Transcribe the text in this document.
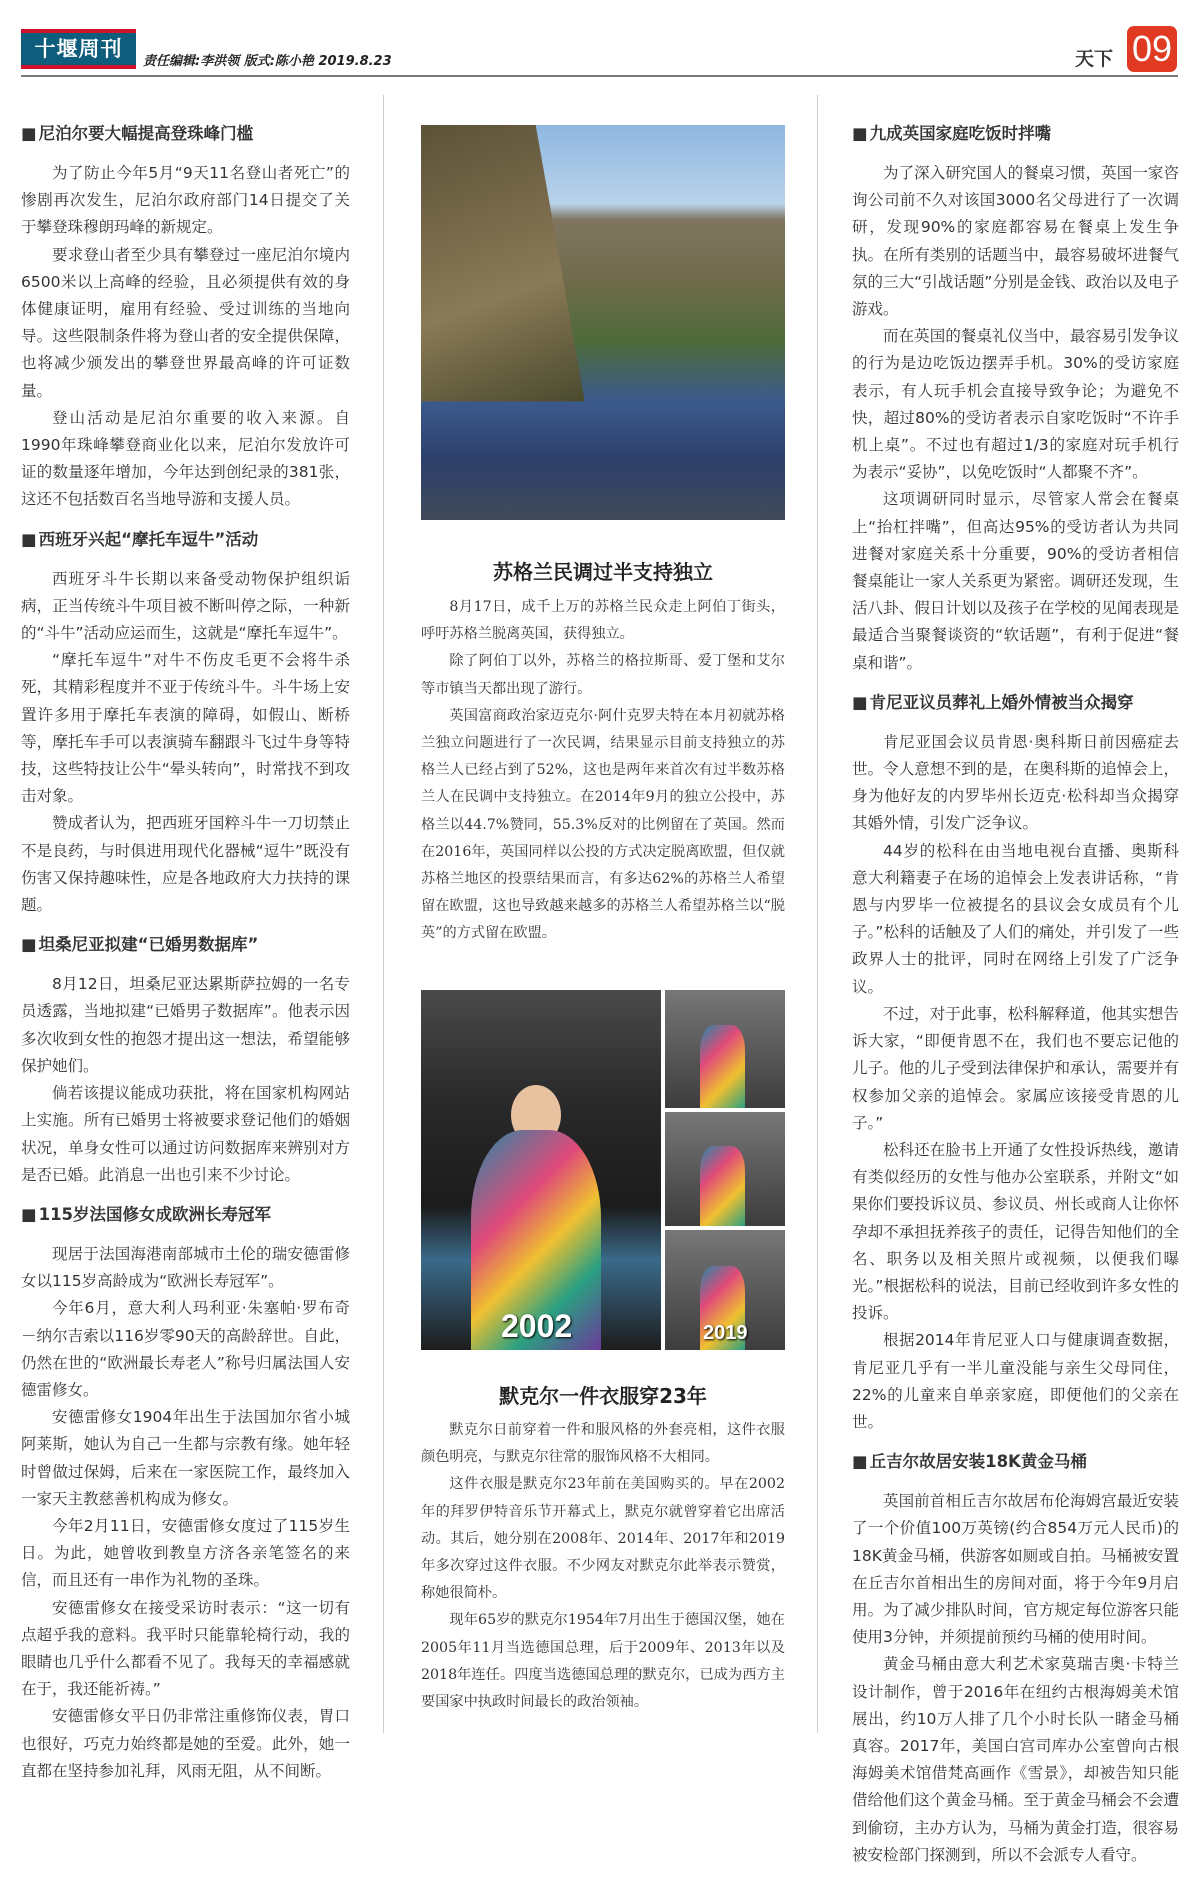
十堰周刊
责任编辑:李洪领 版式:陈小艳 2019.8.23	天下 09
■ 尼泊尔要大幅提高登珠峰门槛

为了防止今年5月“9天11名登山者死亡”的惨剧再次发生，尼泊尔政府部门14日提交了关于攀登珠穆朗玛峰的新规定。

要求登山者至少具有攀登过一座尼泊尔境内6500米以上高峰的经验，且必须提供有效的身体健康证明，雇用有经验、受过训练的当地向导。这些限制条件将为登山者的安全提供保障，也将减少颁发出的攀登世界最高峰的许可证数量。

登山活动是尼泊尔重要的收入来源。自1990年珠峰攀登商业化以来，尼泊尔发放许可证的数量逐年增加，今年达到创纪录的381张，这还不包括数百名当地导游和支援人员。

■ 西班牙兴起“摩托车逗牛”活动

西班牙斗牛长期以来备受动物保护组织诟病，正当传统斗牛项目被不断叫停之际，一种新的“斗牛”活动应运而生，这就是“摩托车逗牛”。

“摩托车逗牛”对牛不伤皮毛更不会将牛杀死，其精彩程度并不亚于传统斗牛。斗牛场上安置许多用于摩托车表演的障碍，如假山、断桥等，摩托车手可以表演骑车翻跟斗飞过牛身等特技，这些特技让公牛“晕头转向”，时常找不到攻击对象。

赞成者认为，把西班牙国粹斗牛一刀切禁止不是良药，与时俱进用现代化器械“逗牛”既没有伤害又保持趣味性，应是各地政府大力扶持的课题。

■ 坦桑尼亚拟建“已婚男数据库”

8月12日，坦桑尼亚达累斯萨拉姆的一名专员透露，当地拟建“已婚男子数据库”。他表示因多次收到女性的抱怨才提出这一想法，希望能够保护她们。

倘若该提议能成功获批，将在国家机构网站上实施。所有已婚男士将被要求登记他们的婚姻状况，单身女性可以通过访问数据库来辨别对方是否已婚。此消息一出也引来不少讨论。

■ 115岁法国修女成欧洲长寿冠军

现居于法国海港南部城市土伦的瑞安德雷修女以115岁高龄成为“欧洲长寿冠军”。

今年6月，意大利人玛利亚·朱塞帕·罗布奇－纳尔吉索以116岁零90天的高龄辞世。自此，仍然在世的“欧洲最长寿老人”称号归属法国人安德雷修女。

安德雷修女1904年出生于法国加尔省小城阿莱斯，她认为自己一生都与宗教有缘。她年轻时曾做过保姆，后来在一家医院工作，最终加入一家天主教慈善机构成为修女。

今年2月11日，安德雷修女度过了115岁生日。为此，她曾收到教皇方济各亲笔签名的来信，而且还有一串作为礼物的圣珠。

安德雷修女在接受采访时表示：“这一切有点超乎我的意料。我平时只能靠轮椅行动，我的眼睛也几乎什么都看不见了。我每天的幸福感就在于，我还能祈祷。”

安德雷修女平日仍非常注重修饰仪表，胃口也很好，巧克力始终都是她的至爱。此外，她一直都在坚持参加礼拜，风雨无阻，从不间断。

■ 九成英国家庭吃饭时拌嘴

为了深入研究国人的餐桌习惯，英国一家咨询公司前不久对该国3000名父母进行了一次调研，发现90%的家庭都容易在餐桌上发生争执。在所有类别的话题当中，最容易破坏进餐气氛的三大“引战话题”分别是金钱、政治以及电子游戏。

而在英国的餐桌礼仪当中，最容易引发争议的行为是边吃饭边摆弄手机。30%的受访家庭表示，有人玩手机会直接导致争论；为避免不快，超过80%的受访者表示自家吃饭时“不许手机上桌”。不过也有超过1/3的家庭对玩手机行为表示“妥协”，以免吃饭时“人都聚不齐”。

这项调研同时显示，尽管家人常会在餐桌上“抬杠拌嘴”，但高达95%的受访者认为共同进餐对家庭关系十分重要，90%的受访者相信餐桌能让一家人关系更为紧密。调研还发现，生活八卦、假日计划以及孩子在学校的见闻表现是最适合当聚餐谈资的“软话题”，有利于促进“餐桌和谐”。

■ 肯尼亚议员葬礼上婚外情被当众揭穿

肯尼亚国会议员肯恩·奥科斯日前因癌症去世。令人意想不到的是，在奥科斯的追悼会上，身为他好友的内罗毕州长迈克·松科却当众揭穿其婚外情，引发广泛争议。

44岁的松科在由当地电视台直播、奥斯科意大利籍妻子在场的追悼会上发表讲话称，“肯恩与内罗毕一位被提名的县议会女成员有个儿子。”松科的话触及了人们的痛处，并引发了一些政界人士的批评，同时在网络上引发了广泛争议。

不过，对于此事，松科解释道，他其实想告诉大家，“即便肯恩不在，我们也不要忘记他的儿子。他的儿子受到法律保护和承认，需要并有权参加父亲的追悼会。家属应该接受肯恩的儿子。”

松科还在脸书上开通了女性投诉热线，邀请有类似经历的女性与他办公室联系，并附文“如果你们要投诉议员、参议员、州长或商人让你怀孕却不承担抚养孩子的责任，记得告知他们的全名、职务以及相关照片或视频，以便我们曝光。”根据松科的说法，目前已经收到许多女性的投诉。

根据2014年肯尼亚人口与健康调查数据，肯尼亚几乎有一半儿童没能与亲生父母同住，22%的儿童来自单亲家庭，即便他们的父亲在世。

■ 丘吉尔故居安装18K黄金马桶

英国前首相丘吉尔故居布伦海姆宫最近安装了一个价值100万英镑(约合854万元人民币)的18K黄金马桶，供游客如厕或自拍。马桶被安置在丘吉尔首相出生的房间对面，将于今年9月启用。为了减少排队时间，官方规定每位游客只能使用3分钟，并须提前预约马桶的使用时间。

黄金马桶由意大利艺术家莫瑞吉奥·卡特兰设计制作，曾于2016年在纽约古根海姆美术馆展出，约10万人排了几个小时长队一睹金马桶真容。2017年，美国白宫司库办公室曾向古根海姆美术馆借梵高画作《雪景》，却被告知只能借给他们这个黄金马桶。至于黄金马桶会不会遭到偷窃，主办方认为，马桶为黄金打造，很容易被安检部门探测到，所以不会派专人看守。

苏格兰民调过半支持独立

8月17日，成千上万的苏格兰民众走上阿伯丁街头，呼吁苏格兰脱离英国，获得独立。

除了阿伯丁以外，苏格兰的格拉斯哥、爱丁堡和艾尔等市镇当天都出现了游行。

英国富商政治家迈克尔·阿什克罗夫特在本月初就苏格兰独立问题进行了一次民调，结果显示目前支持独立的苏格兰人已经占到了52%，这也是两年来首次有过半数苏格兰人在民调中支持独立。在2014年9月的独立公投中，苏格兰以44.7%赞同，55.3%反对的比例留在了英国。然而在2016年，英国同样以公投的方式决定脱离欧盟，但仅就苏格兰地区的投票结果而言，有多达62%的苏格兰人希望留在欧盟，这也导致越来越多的苏格兰人希望苏格兰以“脱英”的方式留在欧盟。

2002	2019
默克尔一件衣服穿23年

默克尔日前穿着一件和服风格的外套亮相，这件衣服颜色明亮，与默克尔往常的服饰风格不大相同。

这件衣服是默克尔23年前在美国购买的。早在2002年的拜罗伊特音乐节开幕式上，默克尔就曾穿着它出席活动。其后，她分别在2008年、2014年、2017年和2019年多次穿过这件衣服。不少网友对默克尔此举表示赞赏，称她很简朴。

现年65岁的默克尔1954年7月出生于德国汉堡，她在2005年11月当选德国总理，后于2009年、2013年以及2018年连任。四度当选德国总理的默克尔，已成为西方主要国家中执政时间最长的政治领袖。
